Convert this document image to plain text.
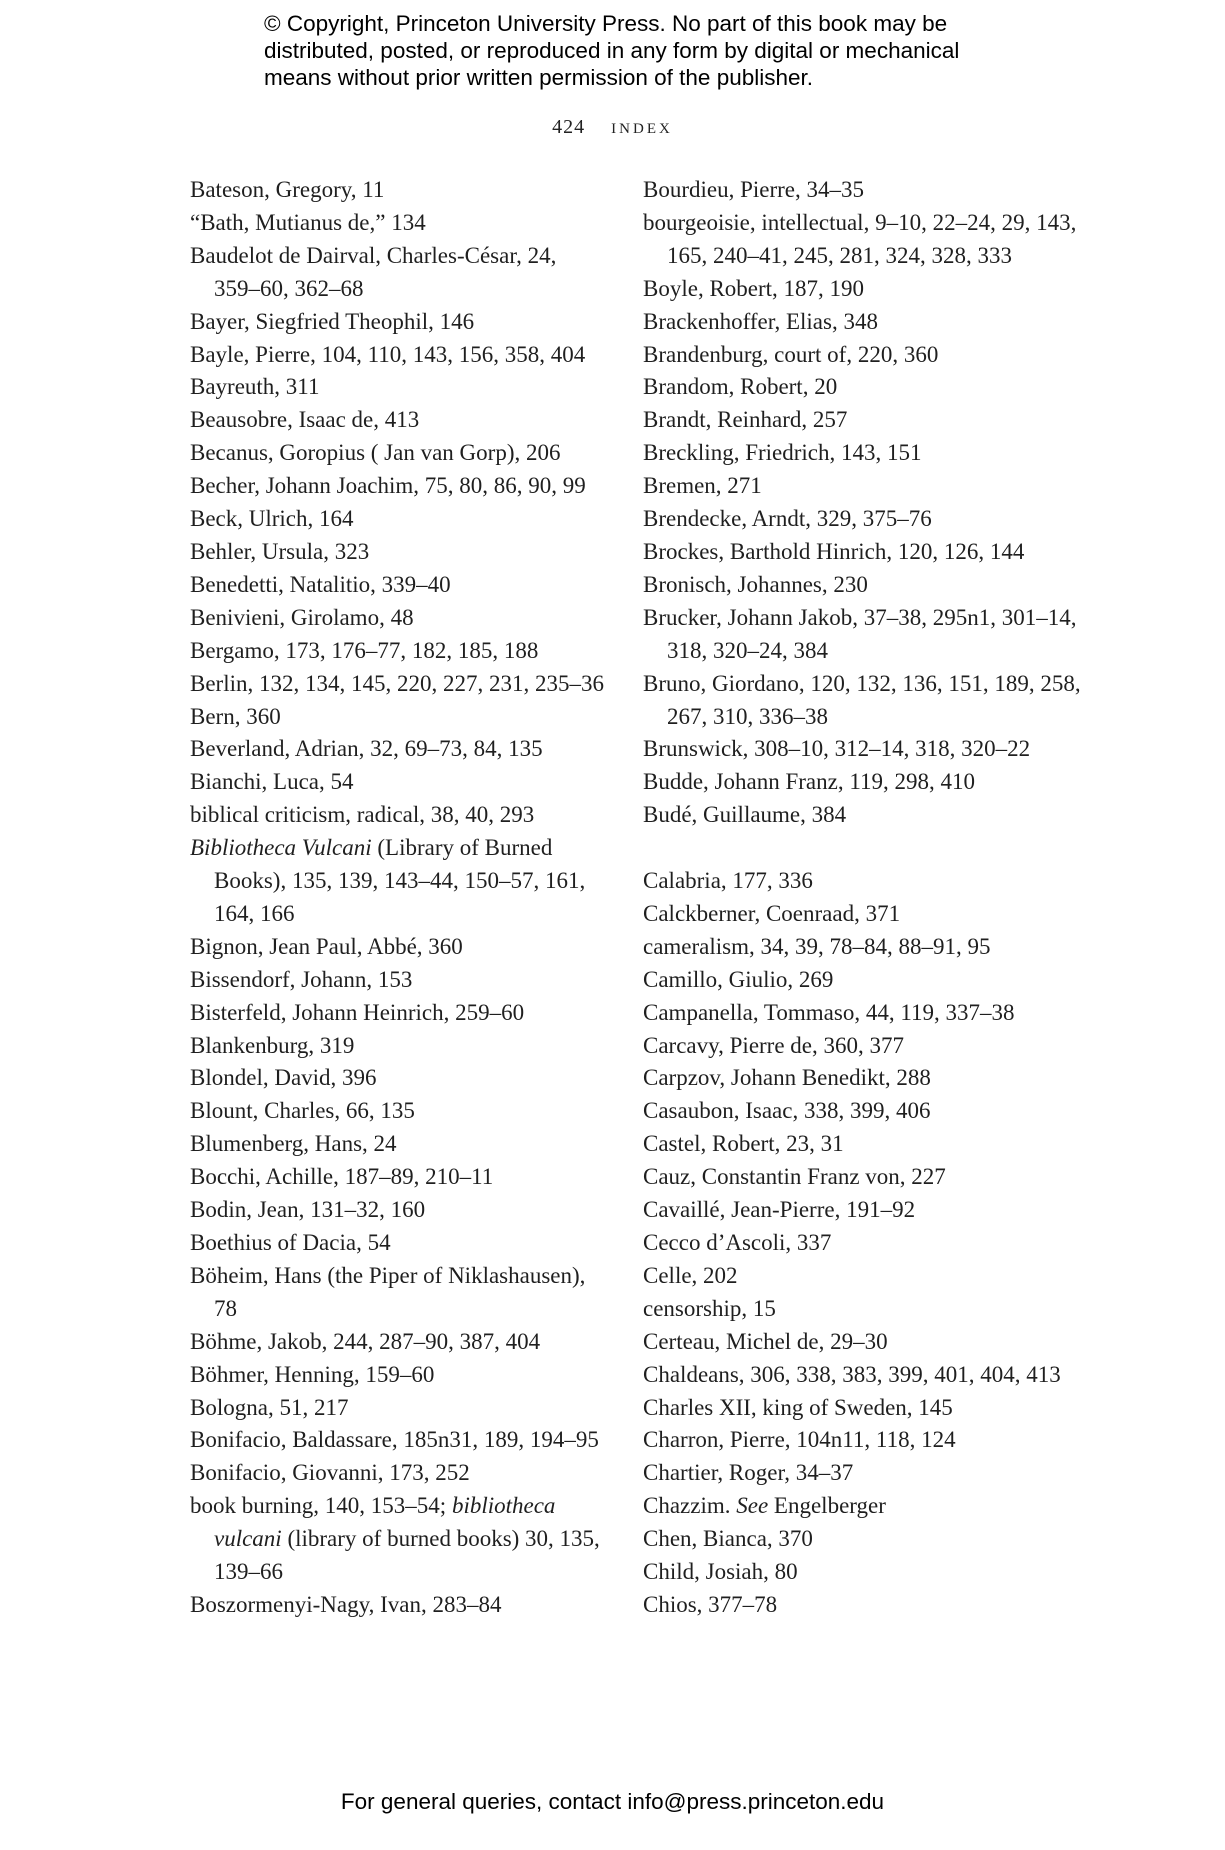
© Copyright, Princeton University Press. No part of this book may be
distributed, posted, or reproduced in any form by digital or mechanical
means without prior written permission of the publisher.
424 index
Bateson, Gregory, 11
“Bath, Mutianus de,” 134
Baudelot de Dairval, Charles-César, 24, 359–60, 362–68
Bayer, Siegfried Theophil, 146
Bayle, Pierre, 104, 110, 143, 156, 358, 404
Bayreuth, 311
Beausobre, Isaac de, 413
Becanus, Goropius ( Jan van Gorp), 206
Becher, Johann Joachim, 75, 80, 86, 90, 99
Beck, Ulrich, 164
Behler, Ursula, 323
Benedetti, Natalitio, 339–40
Benivieni, Girolamo, 48
Bergamo, 173, 176–77, 182, 185, 188
Berlin, 132, 134, 145, 220, 227, 231, 235–36
Bern, 360
Beverland, Adrian, 32, 69–73, 84, 135
Bianchi, Luca, 54
biblical criticism, radical, 38, 40, 293
Bibliotheca Vulcani (Library of Burned Books), 135, 139, 143–44, 150–57, 161, 164, 166
Bignon, Jean Paul, Abbé, 360
Bissendorf, Johann, 153
Bisterfeld, Johann Heinrich, 259–60
Blankenburg, 319
Blondel, David, 396
Blount, Charles, 66, 135
Blumenberg, Hans, 24
Bocchi, Achille, 187–89, 210–11
Bodin, Jean, 131–32, 160
Boethius of Dacia, 54
Böheim, Hans (the Piper of Niklashausen), 78
Böhme, Jakob, 244, 287–90, 387, 404
Böhmer, Henning, 159–60
Bologna, 51, 217
Bonifacio, Baldassare, 185n31, 189, 194–95
Bonifacio, Giovanni, 173, 252
book burning, 140, 153–54; bibliotheca vulcani (library of burned books) 30, 135, 139–66
Boszormenyi-Nagy, Ivan, 283–84
Bourdieu, Pierre, 34–35
bourgeoisie, intellectual, 9–10, 22–24, 29, 143, 165, 240–41, 245, 281, 324, 328, 333
Boyle, Robert, 187, 190
Brackenhoffer, Elias, 348
Brandenburg, court of, 220, 360
Brandom, Robert, 20
Brandt, Reinhard, 257
Breckling, Friedrich, 143, 151
Bremen, 271
Brendecke, Arndt, 329, 375–76
Brockes, Barthold Hinrich, 120, 126, 144
Bronisch, Johannes, 230
Brucker, Johann Jakob, 37–38, 295n1, 301–14, 318, 320–24, 384
Bruno, Giordano, 120, 132, 136, 151, 189, 258, 267, 310, 336–38
Brunswick, 308–10, 312–14, 318, 320–22
Budde, Johann Franz, 119, 298, 410
Budé, Guillaume, 384
Calabria, 177, 336
Calckberner, Coenraad, 371
cameralism, 34, 39, 78–84, 88–91, 95
Camillo, Giulio, 269
Campanella, Tommaso, 44, 119, 337–38
Carcavy, Pierre de, 360, 377
Carpzov, Johann Benedikt, 288
Casaubon, Isaac, 338, 399, 406
Castel, Robert, 23, 31
Cauz, Constantin Franz von, 227
Cavaillé, Jean-Pierre, 191–92
Cecco d’Ascoli, 337
Celle, 202
censorship, 15
Certeau, Michel de, 29–30
Chaldeans, 306, 338, 383, 399, 401, 404, 413
Charles XII, king of Sweden, 145
Charron, Pierre, 104n11, 118, 124
Chartier, Roger, 34–37
Chazzim. See Engelberger
Chen, Bianca, 370
Child, Josiah, 80
Chios, 377–78
For general queries, contact info@press.princeton.edu
